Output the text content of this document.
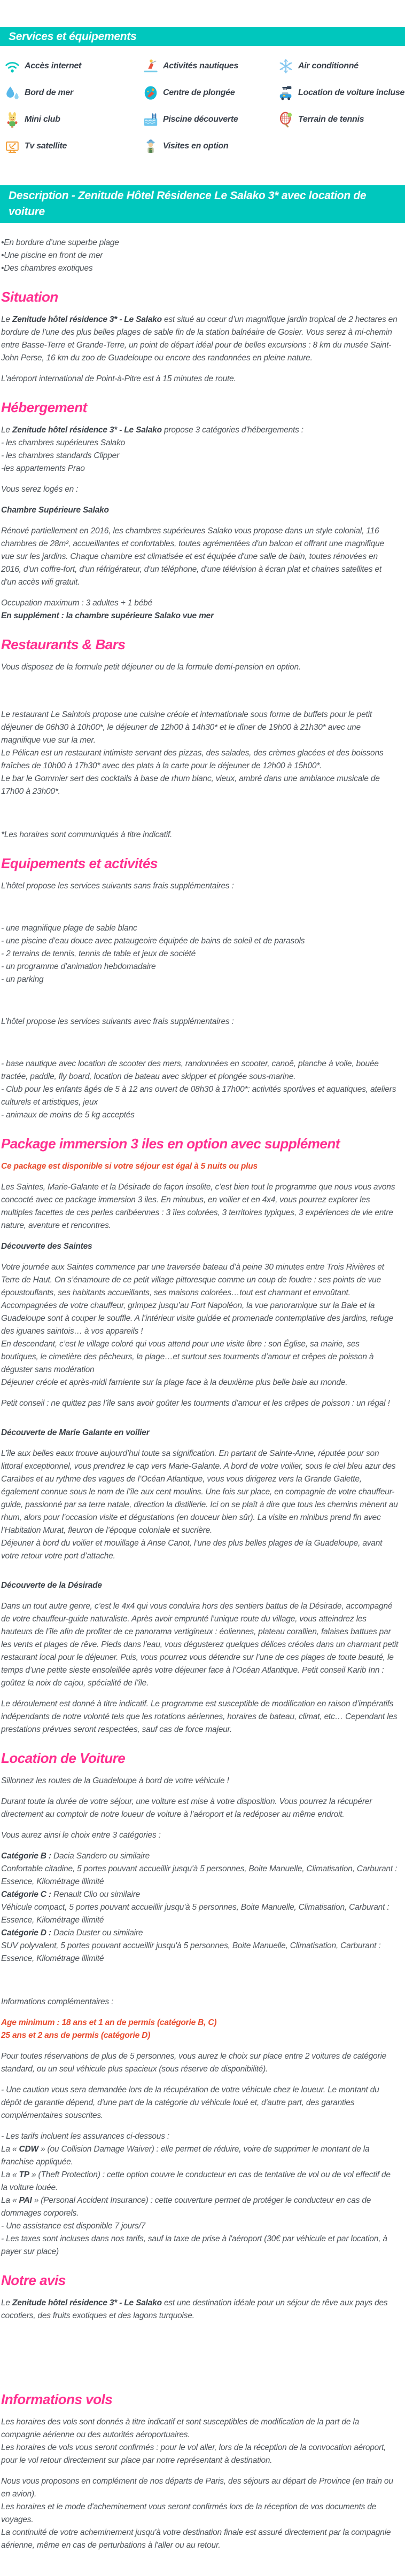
Services et équipements
Accès internet	Activités nautiques	Air conditionné
Bord de mer	Centre de plongée	Location de voiture incluse
Mini club	Piscine découverte	Terrain de tennis
Tv satellite	Visites en option
Description - Zenitude Hôtel Résidence Le Salako 3* avec location de voiture
•En bordure d’une superbe plage
•Une piscine en front de mer
•Des chambres exotiques
Situation
Le Zenitude hôtel résidence 3* - Le Salako est situé au cœur d’un magnifique jardin tropical de 2 hectares en bordure de l’une des plus belles plages de sable fin de la station balnéaire de Gosier. Vous serez à mi-chemin entre Basse-Terre et Grande-Terre, un point de départ idéal pour de belles excursions : 8 km du musée Saint-John Perse, 16 km du zoo de Guadeloupe ou encore des randonnées en pleine nature.
L’aéroport international de Point-à-Pitre est à 15 minutes de route.
Hébergement
Le Zenitude hôtel résidence 3* - Le Salako propose 3 catégories d'hébergements :
- les chambres supérieures Salako
- les chambres standards Clipper
-les appartements Prao
Vous serez logés en :
Chambre Supérieure Salako
Rénové partiellement en 2016, les chambres supérieures Salako vous propose dans un style colonial, 116 chambres de 28m², accueillantes et confortables, toutes agrémentées d'un balcon et offrant une magnifique vue sur les jardins. Chaque chambre est climatisée et est équipée d'une salle de bain, toutes rénovées en 2016, d'un coffre-fort, d'un réfrigérateur, d'un téléphone, d'une télévision à écran plat et chaines satellites et d'un accès wifi gratuit.
Occupation maximum : 3 adultes + 1 bébé
En supplément : la chambre supérieure Salako vue mer
Restaurants & Bars
Vous disposez de la formule petit déjeuner ou de la formule demi-pension en option.
Le restaurant Le Saintois propose une cuisine créole et internationale sous forme de buffets pour le petit déjeuner de 06h30 à 10h00*, le déjeuner de 12h00 à 14h30* et le dîner de 19h00 à 21h30* avec une magnifique vue sur la mer.
Le Pélican est un restaurant intimiste servant des pizzas, des salades, des crèmes glacées et des boissons fraîches de 10h00 à 17h30* avec des plats à la carte pour le déjeuner de 12h00 à 15h00*.
Le bar le Gommier sert des cocktails à base de rhum blanc, vieux, ambré dans une ambiance musicale de 17h00 à 23h00*.
*Les horaires sont communiqués à titre indicatif.
Equipements et activités
L’hôtel propose les services suivants sans frais supplémentaires :
- une magnifique plage de sable blanc
- une piscine d’eau douce avec pataugeoire équipée de bains de soleil et de parasols
- 2 terrains de tennis, tennis de table et jeux de société
- un programme d’animation hebdomadaire
- un parking
L’hôtel propose les services suivants avec frais supplémentaires :
- base nautique avec location de scooter des mers, randonnées en scooter, canoë, planche à voile, bouée tractée, paddle, fly board, location de bateau avec skipper et plongée sous-marine.
- Club pour les enfants âgés de 5 à 12 ans ouvert de 08h30 à 17h00*: activités sportives et aquatiques, ateliers culturels et artistiques, jeux
- animaux de moins de 5 kg acceptés
Package immersion 3 iles en option avec supplément
Ce package est disponible si votre séjour est égal à 5 nuits ou plus
Les Saintes, Marie-Galante et la Désirade de façon insolite, c’est bien tout le programme que nous vous avons concocté avec ce package immersion 3 iles. En minubus, en voilier et en 4x4, vous pourrez explorer les multiples facettes de ces perles caribéennes : 3 îles colorées, 3 territoires typiques, 3 expériences de vie entre nature, aventure et rencontres.
Découverte des Saintes
Votre journée aux Saintes commence par une traversée bateau d’à peine 30 minutes entre Trois Rivières et Terre de Haut. On s’énamoure de ce petit village pittoresque comme un coup de foudre : ses points de vue époustouflants, ses habitants accueillants, ses maisons colorées…tout est charmant et envoûtant.
Accompagnées de votre chauffeur, grimpez jusqu’au Fort Napoléon, la vue panoramique sur la Baie et la Guadeloupe sont à couper le souffle. A l’intérieur visite guidée et promenade contemplative des jardins, refuge des iguanes saintois… à vos appareils !
En descendant, c’est le village coloré qui vous attend pour une visite libre : son Église, sa mairie, ses boutiques, le cimetière des pêcheurs, la plage…et surtout ses tourments d’amour et crêpes de poisson à déguster sans modération
Déjeuner créole et après-midi farniente sur la plage face à la deuxième plus belle baie au monde.
Petit conseil : ne quittez pas l’île sans avoir goûter les tourments d’amour et les crêpes de poisson : un régal !
Découverte de Marie Galante en voilier
L’île aux belles eaux trouve aujourd’hui toute sa signification. En partant de Sainte-Anne, réputée pour son littoral exceptionnel, vous prendrez le cap vers Marie-Galante. A bord de votre voilier, sous le ciel bleu azur des Caraïbes et au rythme des vagues de l’Océan Atlantique, vous vous dirigerez vers la Grande Galette, également connue sous le nom de l’île aux cent moulins. Une fois sur place, en compagnie de votre chauffeur-guide, passionné par sa terre natale, direction la distillerie. Ici on se plaît à dire que tous les chemins mènent au rhum, alors pour l’occasion visite et dégustations (en douceur bien sûr). La visite en minibus prend fin avec l’Habitation Murat, fleuron de l’époque coloniale et sucrière.
Déjeuner à bord du voilier et mouillage à Anse Canot, l’une des plus belles plages de la Guadeloupe, avant votre retour votre port d’attache.
Découverte de la Désirade
Dans un tout autre genre, c’est le 4x4 qui vous conduira hors des sentiers battus de la Désirade, accompagné de votre chauffeur-guide naturaliste. Après avoir emprunté l’unique route du village, vous atteindrez les hauteurs de l’île afin de profiter de ce panorama vertigineux : éoliennes, plateau corallien, falaises battues par les vents et plages de rêve. Pieds dans l’eau, vous dégusterez quelques délices créoles dans un charmant petit restaurant local pour le déjeuner. Puis, vous pourrez vous détendre sur l’une de ces plages de toute beauté, le temps d’une petite sieste ensoleillée après votre déjeuner face à l’Océan Atlantique. Petit conseil Karib Inn : goûtez la noix de cajou, spécialité de l’île.
Le déroulement est donné à titre indicatif. Le programme est susceptible de modification en raison d’impératifs indépendants de notre volonté tels que les rotations aériennes, horaires de bateau, climat, etc… Cependant les prestations prévues seront respectées, sauf cas de force majeur.
Location de Voiture
Sillonnez les routes de la Guadeloupe à bord de votre véhicule !
Durant toute la durée de votre séjour, une voiture est mise à votre disposition. Vous pourrez la récupérer directement au comptoir de notre loueur de voiture à l’aéroport et la redéposer au même endroit.
Vous aurez ainsi le choix entre 3 catégories :
Catégorie B : Dacia Sandero ou similaire
Confortable citadine, 5 portes pouvant accueillir jusqu'à 5 personnes, Boite Manuelle, Climatisation, Carburant : Essence, Kilométrage illimité
Catégorie C : Renault Clio ou similaire
Véhicule compact, 5 portes pouvant accueillir jusqu'à 5 personnes, Boite Manuelle, Climatisation, Carburant : Essence, Kilométrage illimité
Catégorie D : Dacia Duster ou similaire
SUV polyvalent, 5 portes pouvant accueillir jusqu'à 5 personnes, Boite Manuelle, Climatisation, Carburant : Essence, Kilométrage illimité
Informations complémentaires :
Age minimum : 18 ans et 1 an de permis (catégorie B, C)
25 ans et 2 ans de permis (catégorie D)
Pour toutes réservations de plus de 5 personnes, vous aurez le choix sur place entre 2 voitures de catégorie standard, ou un seul véhicule plus spacieux (sous réserve de disponibilité).
- Une caution vous sera demandée lors de la récupération de votre véhicule chez le loueur. Le montant du dépôt de garantie dépend, d'une part de la catégorie du véhicule loué et, d'autre part, des garanties complémentaires souscrites.
- Les tarifs incluent les assurances ci-dessous :
La « CDW » (ou Collision Damage Waiver) : elle permet de réduire, voire de supprimer le montant de la franchise appliquée.
La « TP » (Theft Protection) : cette option couvre le conducteur en cas de tentative de vol ou de vol effectif de la voiture louée.
La « PAI » (Personal Accident Insurance) : cette couverture permet de protéger le conducteur en cas de dommages corporels.
- Une assistance est disponible 7 jours/7
- Les taxes sont incluses dans nos tarifs, sauf la taxe de prise à l'aéroport (30€ par véhicule et par location, à payer sur place)
Notre avis
Le Zenitude hôtel résidence 3* - Le Salako est une destination idéale pour un séjour de rêve aux pays des cocotiers, des fruits exotiques et des lagons turquoise.
Informations vols
Les horaires des vols sont donnés à titre indicatif et sont susceptibles de modification de la part de la compagnie aérienne ou des autorités aéroportuaires.
Les horaires de vols vous seront confirmés : pour le vol aller, lors de la réception de la convocation aéroport, pour le vol retour directement sur place par notre représentant à destination.
Nous vous proposons en complément de nos départs de Paris, des séjours au départ de Province (en train ou en avion).
Les horaires et le mode d'acheminement vous seront confirmés lors de la réception de vos documents de voyages.
La continuité de votre acheminement jusqu'à votre destination finale est assuré directement par la compagnie aérienne, même en cas de perturbations à l'aller ou au retour.
